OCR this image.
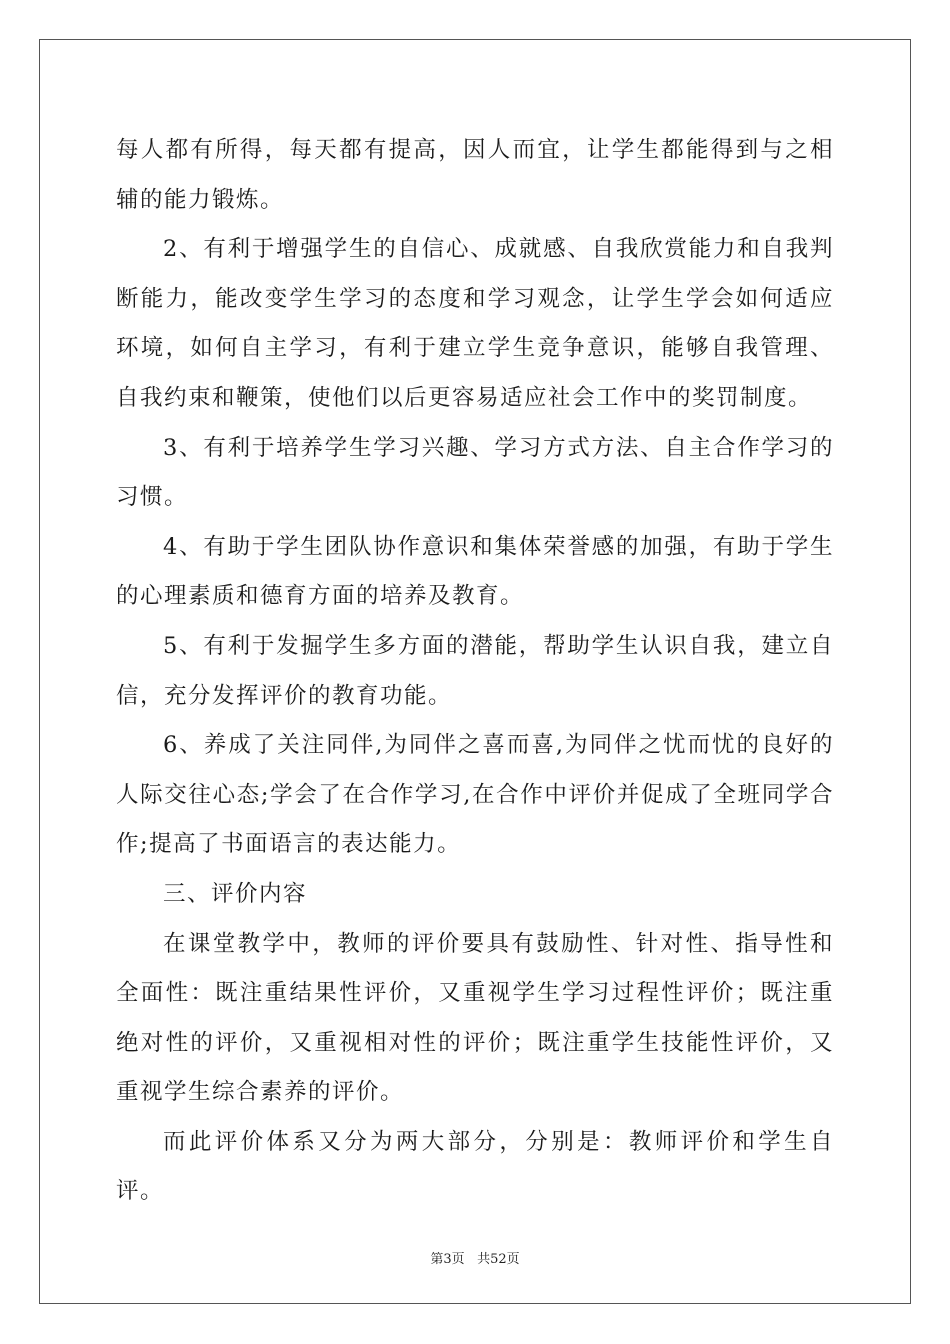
每人都有所得，每天都有提高，因人而宜，让学生都能得到与之相辅的能力锻炼。

2、有利于增强学生的自信心、成就感、自我欣赏能力和自我判断能力，能改变学生学习的态度和学习观念，让学生学会如何适应环境，如何自主学习，有利于建立学生竞争意识，能够自我管理、自我约束和鞭策，使他们以后更容易适应社会工作中的奖罚制度。

3、有利于培养学生学习兴趣、学习方式方法、自主合作学习的习惯。

4、有助于学生团队协作意识和集体荣誉感的加强，有助于学生的心理素质和德育方面的培养及教育。

5、有利于发掘学生多方面的潜能，帮助学生认识自我，建立自信，充分发挥评价的教育功能。

6、养成了关注同伴,为同伴之喜而喜,为同伴之忧而忧的良好的人际交往心态;学会了在合作学习,在合作中评价并促成了全班同学合作;提高了书面语言的表达能力。

三、评价内容

在课堂教学中，教师的评价要具有鼓励性、针对性、指导性和全面性：既注重结果性评价，又重视学生学习过程性评价；既注重绝对性的评价，又重视相对性的评价；既注重学生技能性评价，又重视学生综合素养的评价。

而此评价体系又分为两大部分，分别是：教师评价和学生自评。

第3页 共52页
